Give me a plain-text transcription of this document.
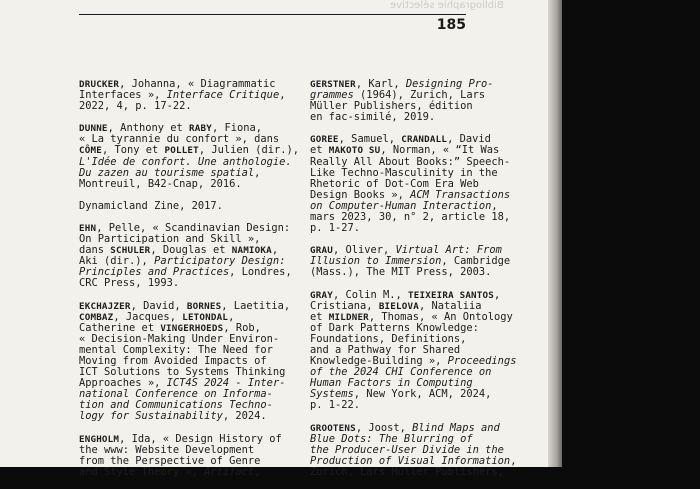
Bibliographie sélective
185
DRUCKER, Johanna, « Diagrammatic
Interfaces », Interface Critique,
2022, 4, p. 17-22.
DUNNE, Anthony et RABY, Fiona,
« La tyrannie du confort », dans
CÔME, Tony et POLLET, Julien (dir.),
L'Idée de confort. Une anthologie.
Du zazen au tourisme spatial,
Montreuil, B42-Cnap, 2016.
Dynamicland Zine, 2017.
EHN, Pelle, « Scandinavian Design:
On Participation and Skill »,
dans SCHULER, Douglas et NAMIOKA,
Aki (dir.), Participatory Design:
Principles and Practices, Londres,
CRC Press, 1993.
EKCHAJZER, David, BORNES, Laetitia,
COMBAZ, Jacques, LETONDAL,
Catherine et VINGERHOEDS, Rob,
« Decision-Making Under Environ-
mental Complexity: The Need for
Moving from Avoided Impacts of
ICT Solutions to Systems Thinking
Approaches », ICT4S 2024 - Inter-
national Conference on Informa-
tion and Communications Techno-
logy for Sustainability, 2024.
ENGHOLM, Ida, « Design History of
the www: Website Development
from the Perspective of Genre
and Style Theory », Artifact,
GERSTNER, Karl, Designing Pro-
grammes (1964), Zurich, Lars
Müller Publishers, édition
en fac-similé, 2019.
GOREE, Samuel, CRANDALL, David
et MAKOTO SU, Norman, « “It Was
Really All About Books:” Speech-
Like Techno-Masculinity in the
Rhetoric of Dot-Com Era Web
Design Books », ACM Transactions
on Computer-Human Interaction,
mars 2023, 30, n° 2, article 18,
p. 1-27.
GRAU, Oliver, Virtual Art: From
Illusion to Immersion, Cambridge
(Mass.), The MIT Press, 2003.
GRAY, Colin M., TEIXEIRA SANTOS,
Cristiana, BIELOVA, Nataliia
et MILDNER, Thomas, « An Ontology
of Dark Patterns Knowledge:
Foundations, Definitions,
and a Pathway for Shared
Knowledge-Building », Proceedings
of the 2024 CHI Conference on
Human Factors in Computing
Systems, New York, ACM, 2024,
p. 1-22.
GROOTENS, Joost, Blind Maps and
Blue Dots: The Blurring of
the Producer-User Divide in the
Production of Visual Information,
Zurich, Lars Müller Publishers,
